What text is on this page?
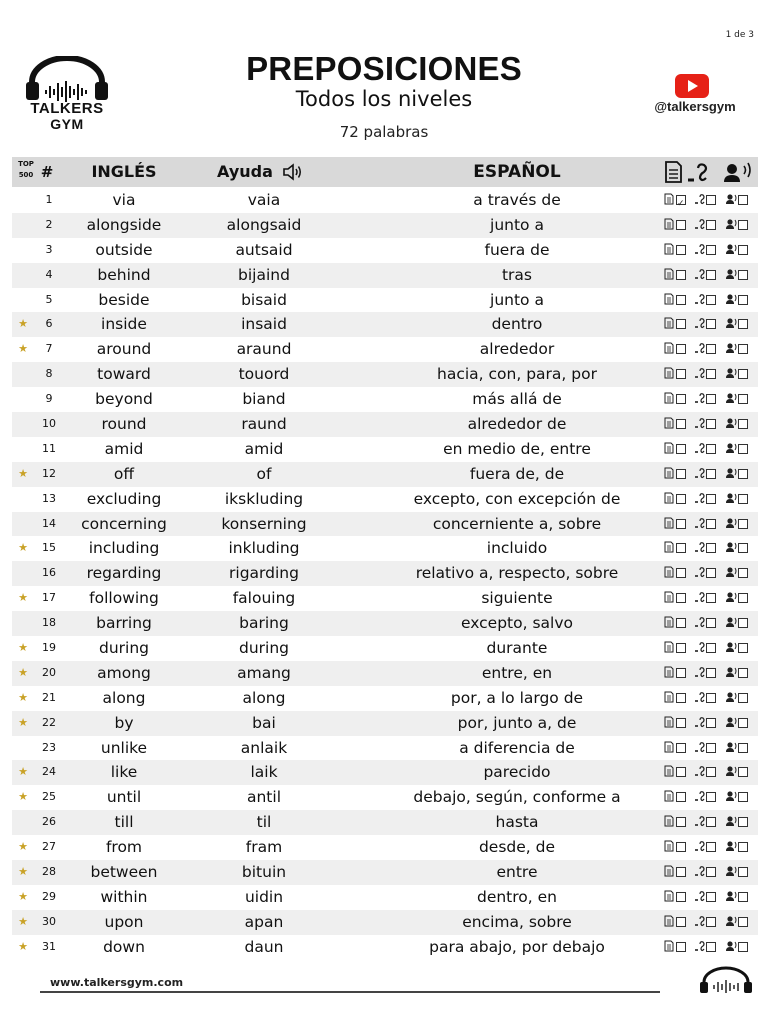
1 de 3
TALKERS
GYM
PREPOSICIONES
Todos los niveles
72 palabras
@talkersgym
TOP 500 #	INGLÉS	Ayuda	ESPAÑOL
1	via	vaia	a través de
✓
2	alongside	alongsaid	junto a
3	outside	autsaid	fuera de
4	behind	bijaind	tras
5	beside	bisaid	junto a
★	6	inside	insaid	dentro
★	7	around	araund	alrededor
8	toward	touord	hacia, con, para, por
9	beyond	biand	más allá de
10	round	raund	alrededor de
11	amid	amid	en medio de, entre
★	12	off	of	fuera de, de
13	excluding	ikskluding	excepto, con excepción de
14	concerning	konserning	concerniente a, sobre
★	15	including	inkluding	incluido
16	regarding	rigarding	relativo a, respecto, sobre
★	17	following	falouing	siguiente
18	barring	baring	excepto, salvo
★	19	during	during	durante
★	20	among	amang	entre, en
★	21	along	along	por, a lo largo de
★	22	by	bai	por, junto a, de
23	unlike	anlaik	a diferencia de
★	24	like	laik	parecido
★	25	until	antil	debajo, según, conforme a
26	till	til	hasta
★	27	from	fram	desde, de
★	28	between	bituin	entre
★	29	within	uidin	dentro, en
★	30	upon	apan	encima, sobre
★	31	down	daun	para abajo, por debajo
www.talkersgym.com
